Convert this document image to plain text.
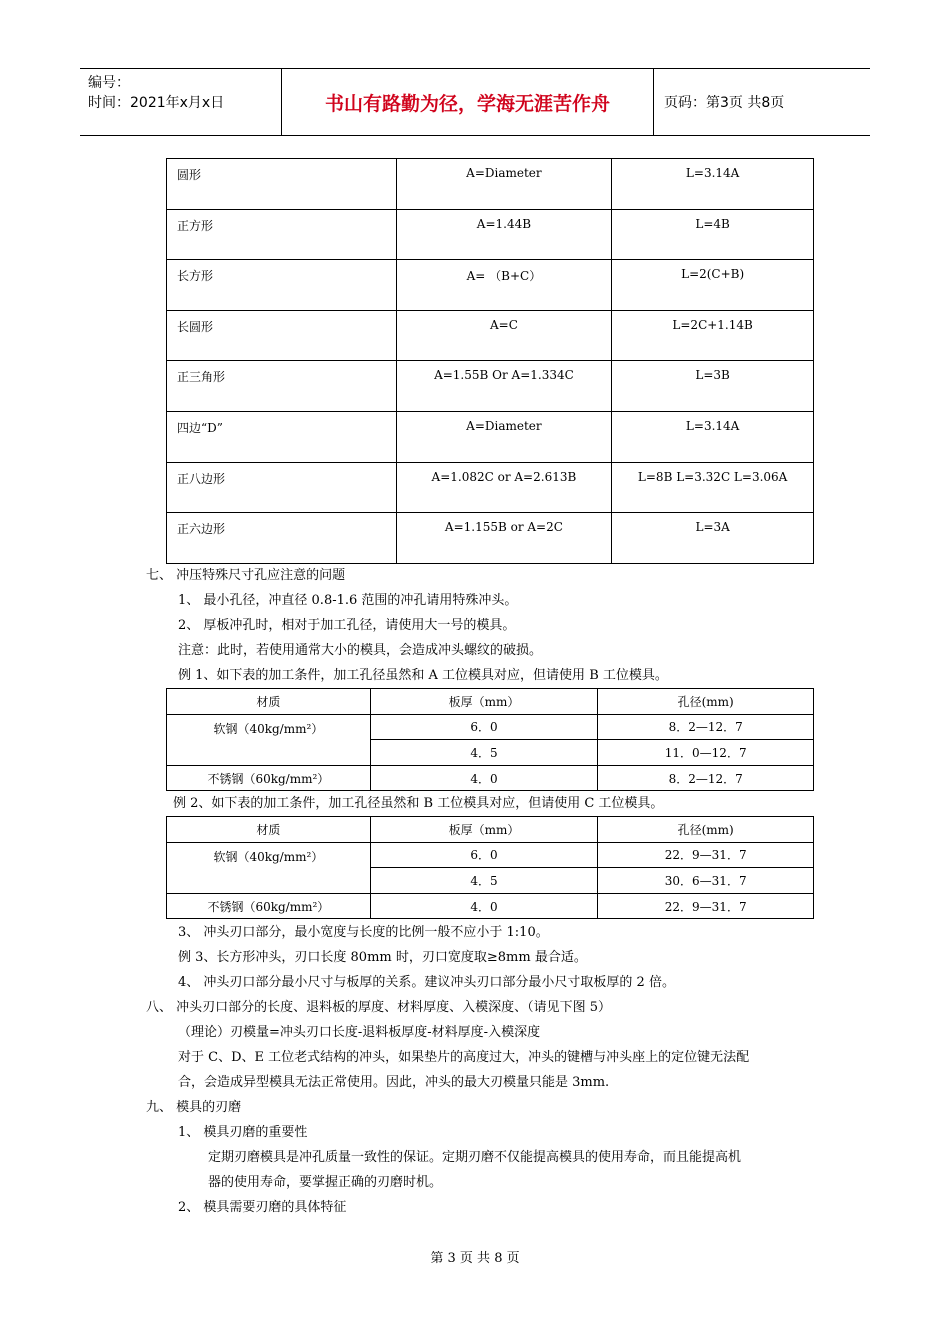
编号：
时间：2021年x月x日	书山有路勤为径，学海无涯苦作舟	页码：第3页 共8页
圆形	A=Diameter	L=3.14A
正方形	A=1.44B	L=4B
长方形	A= （B+C）	L=2(C+B)
长圆形	A=C	L=2C+1.14B
正三角形	A=1.55B Or A=1.334C	L=3B
四边“D”	A=Diameter	L=3.14A
正八边形	A=1.082C or A=2.613B	L=8B L=3.32C L=3.06A
正六边形	A=1.155B or A=2C	L=3A
七、 冲压特殊尺寸孔应注意的问题
1、 最小孔径，冲直径 0.8-1.6 范围的冲孔请用特殊冲头。
2、 厚板冲孔时，相对于加工孔径，请使用大一号的模具。
注意：此时，若使用通常大小的模具，会造成冲头螺纹的破损。
例 1、如下表的加工条件，加工孔径虽然和 A 工位模具对应，但请使用 B 工位模具。
材质	板厚（mm）	孔径(mm)
软钢（40kg/mm²）	6．0	8．2—12．7
	4．5	11．0—12．7
不锈钢（60kg/mm²）	4．0	8．2—12．7
例 2、如下表的加工条件，加工孔径虽然和 B 工位模具对应，但请使用 C 工位模具。
材质	板厚（mm）	孔径(mm)
软钢（40kg/mm²）	6．0	22．9—31．7
	4．5	30．6—31．7
不锈钢（60kg/mm²）	4．0	22．9—31．7
3、 冲头刃口部分，最小宽度与长度的比例一般不应小于 1:10。
例 3、长方形冲头，刃口长度 80mm 时，刃口宽度取≥8mm 最合适。
4、 冲头刃口部分最小尺寸与板厚的关系。建议冲头刃口部分最小尺寸取板厚的 2 倍。
八、 冲头刃口部分的长度、退料板的厚度、材料厚度、入模深度、（请见下图 5）
（理论）刃模量=冲头刃口长度-退料板厚度-材料厚度-入模深度
对于 C、D、E 工位老式结构的冲头，如果垫片的高度过大，冲头的键槽与冲头座上的定位键无法配
合，会造成异型模具无法正常使用。因此，冲头的最大刃模量只能是 3mm.
九、 模具的刃磨
1、 模具刃磨的重要性
定期刃磨模具是冲孔质量一致性的保证。定期刃磨不仅能提高模具的使用寿命，而且能提高机
器的使用寿命，要掌握正确的刃磨时机。
2、 模具需要刃磨的具体特征
第 3 页 共 8 页
